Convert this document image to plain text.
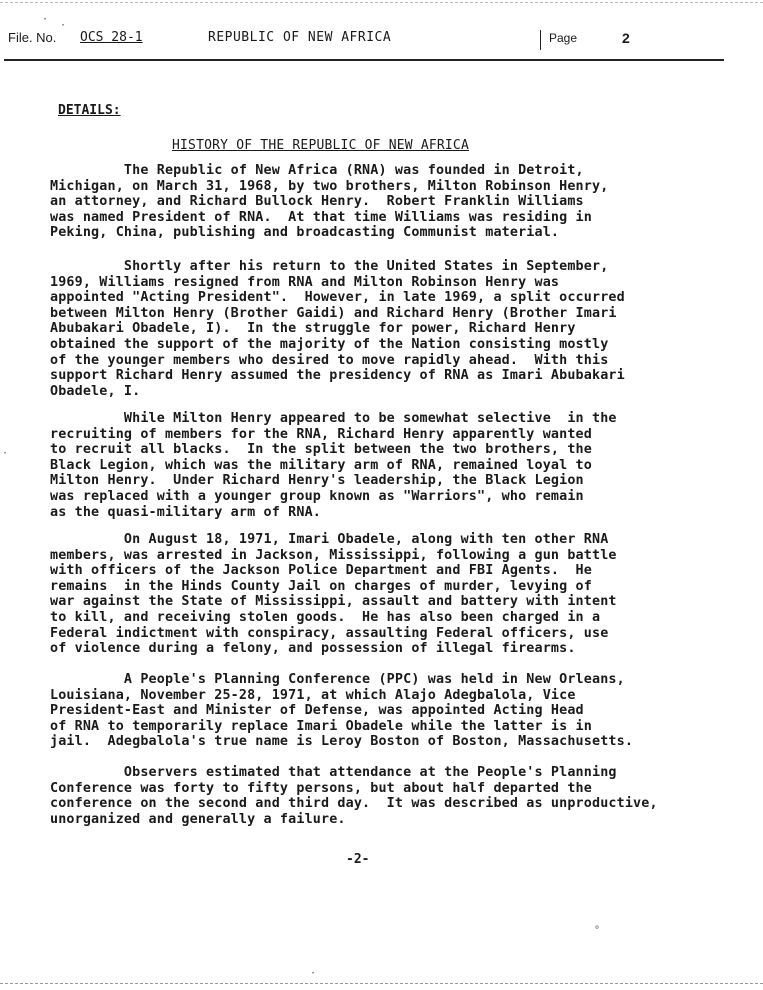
File. No. OCS 28-1	REPUBLIC OF NEW AFRICA	Page	2
DETAILS:
HISTORY OF THE REPUBLIC OF NEW AFRICA
The Republic of New Africa (RNA) was founded in Detroit,
Michigan, on March 31, 1968, by two brothers, Milton Robinson Henry,
an attorney, and Richard Bullock Henry.  Robert Franklin Williams
was named President of RNA.  At that time Williams was residing in
Peking, China, publishing and broadcasting Communist material.
Shortly after his return to the United States in September,
1969, Williams resigned from RNA and Milton Robinson Henry was
appointed "Acting President".  However, in late 1969, a split occurred
between Milton Henry (Brother Gaidi) and Richard Henry (Brother Imari
Abubakari Obadele, I).  In the struggle for power, Richard Henry
obtained the support of the majority of the Nation consisting mostly
of the younger members who desired to move rapidly ahead.  With this
support Richard Henry assumed the presidency of RNA as Imari Abubakari
Obadele, I.
While Milton Henry appeared to be somewhat selective  in the
recruiting of members for the RNA, Richard Henry apparently wanted
to recruit all blacks.  In the split between the two brothers, the
Black Legion, which was the military arm of RNA, remained loyal to
Milton Henry.  Under Richard Henry's leadership, the Black Legion
was replaced with a younger group known as "Warriors", who remain
as the quasi-military arm of RNA.
On August 18, 1971, Imari Obadele, along with ten other RNA
members, was arrested in Jackson, Mississippi, following a gun battle
with officers of the Jackson Police Department and FBI Agents.  He
remains  in the Hinds County Jail on charges of murder, levying of
war against the State of Mississippi, assault and battery with intent
to kill, and receiving stolen goods.  He has also been charged in a
Federal indictment with conspiracy, assaulting Federal officers, use
of violence during a felony, and possession of illegal firearms.
A People's Planning Conference (PPC) was held in New Orleans,
Louisiana, November 25-28, 1971, at which Alajo Adegbalola, Vice
President-East and Minister of Defense, was appointed Acting Head
of RNA to temporarily replace Imari Obadele while the latter is in
jail.  Adegbalola's true name is Leroy Boston of Boston, Massachusetts.
Observers estimated that attendance at the People's Planning
Conference was forty to fifty persons, but about half departed the
conference on the second and third day.  It was described as unproductive,
unorganized and generally a failure.
-2-
·
·
·
°
·
